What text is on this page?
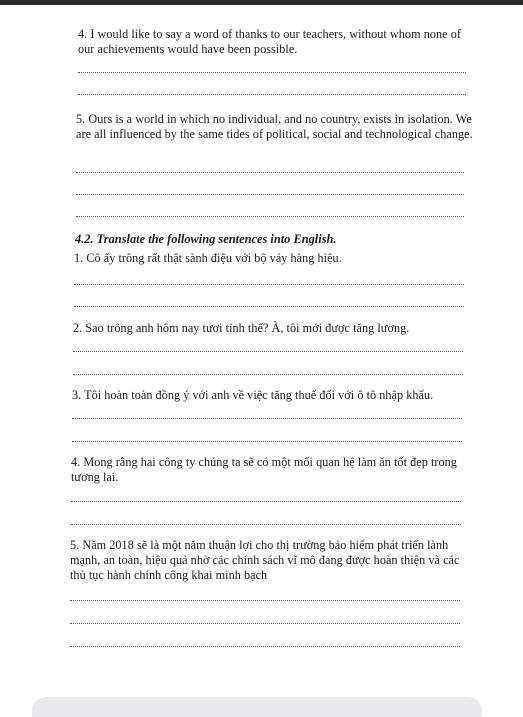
4. I would like to say a word of thanks to our teachers, without whom none of our achievements would have been possible.

5. Ours is a world in which no individual, and no country, exists in isolation. We are all influenced by the same tides of political, social and technological change.

4.2. Translate the following sentences into English.

1. Cô ấy trông rất thật sành điệu với bộ váy hàng hiệu.

2. Sao trông anh hôm nay tươi tỉnh thế? À, tôi mới được tăng lương.

3. Tôi hoàn toàn đồng ý với anh về việc tăng thuế đối với ô tô nhập khẩu.

4. Mong rằng hai công ty chúng ta sẽ có một mối quan hệ làm ăn tốt đẹp trong tương lai.

5. Năm 2018 sẽ là một năm thuận lợi cho thị trường bảo hiểm phát triển lành mạnh, an toàn, hiệu quả nhờ các chính sách vĩ mô đang được hoàn thiện và các thủ tục hành chính công khai minh bạch
